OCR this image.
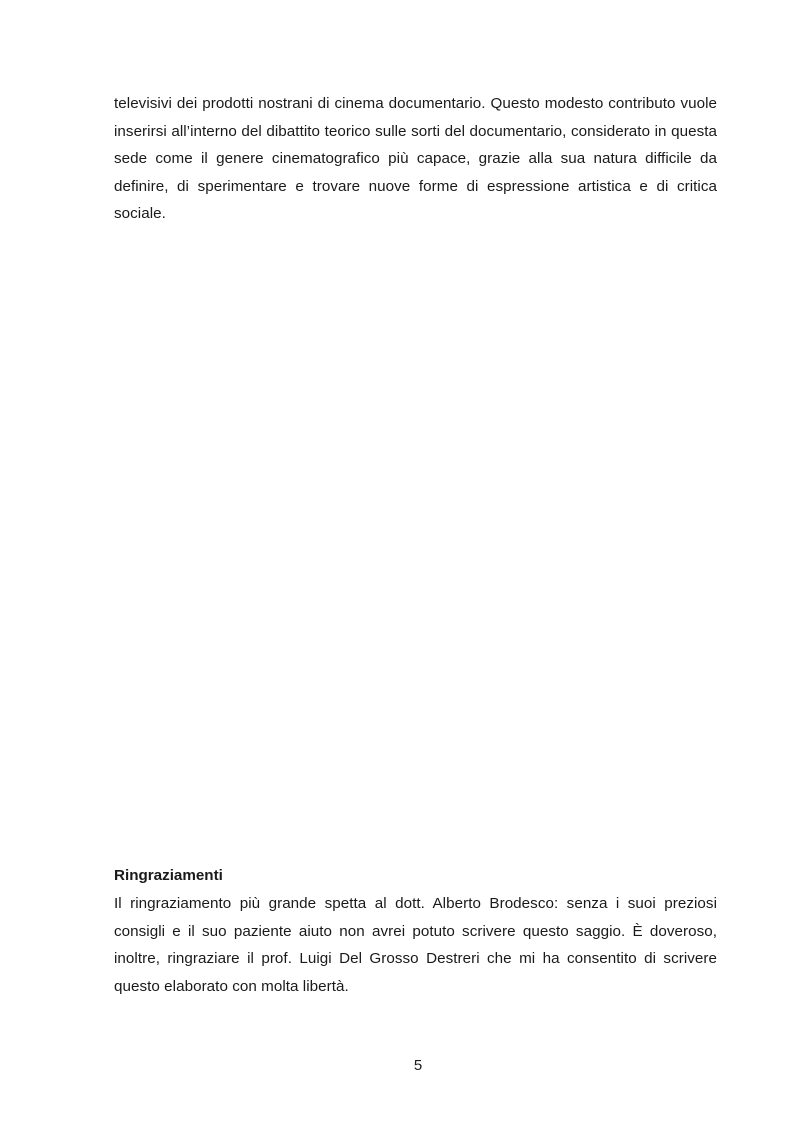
televisivi dei prodotti nostrani di cinema documentario. Questo modesto contributo vuole inserirsi all’interno del dibattito teorico sulle sorti del documentario, considerato in questa sede come il genere cinematografico più capace, grazie alla sua natura difficile da definire, di sperimentare e trovare nuove forme di espressione artistica e di critica sociale.

Ringraziamenti

Il ringraziamento più grande spetta al dott. Alberto Brodesco: senza i suoi preziosi consigli e il suo paziente aiuto non avrei potuto scrivere questo saggio. È doveroso, inoltre, ringraziare il prof. Luigi Del Grosso Destreri che mi ha consentito di scrivere questo elaborato con molta libertà.

5
